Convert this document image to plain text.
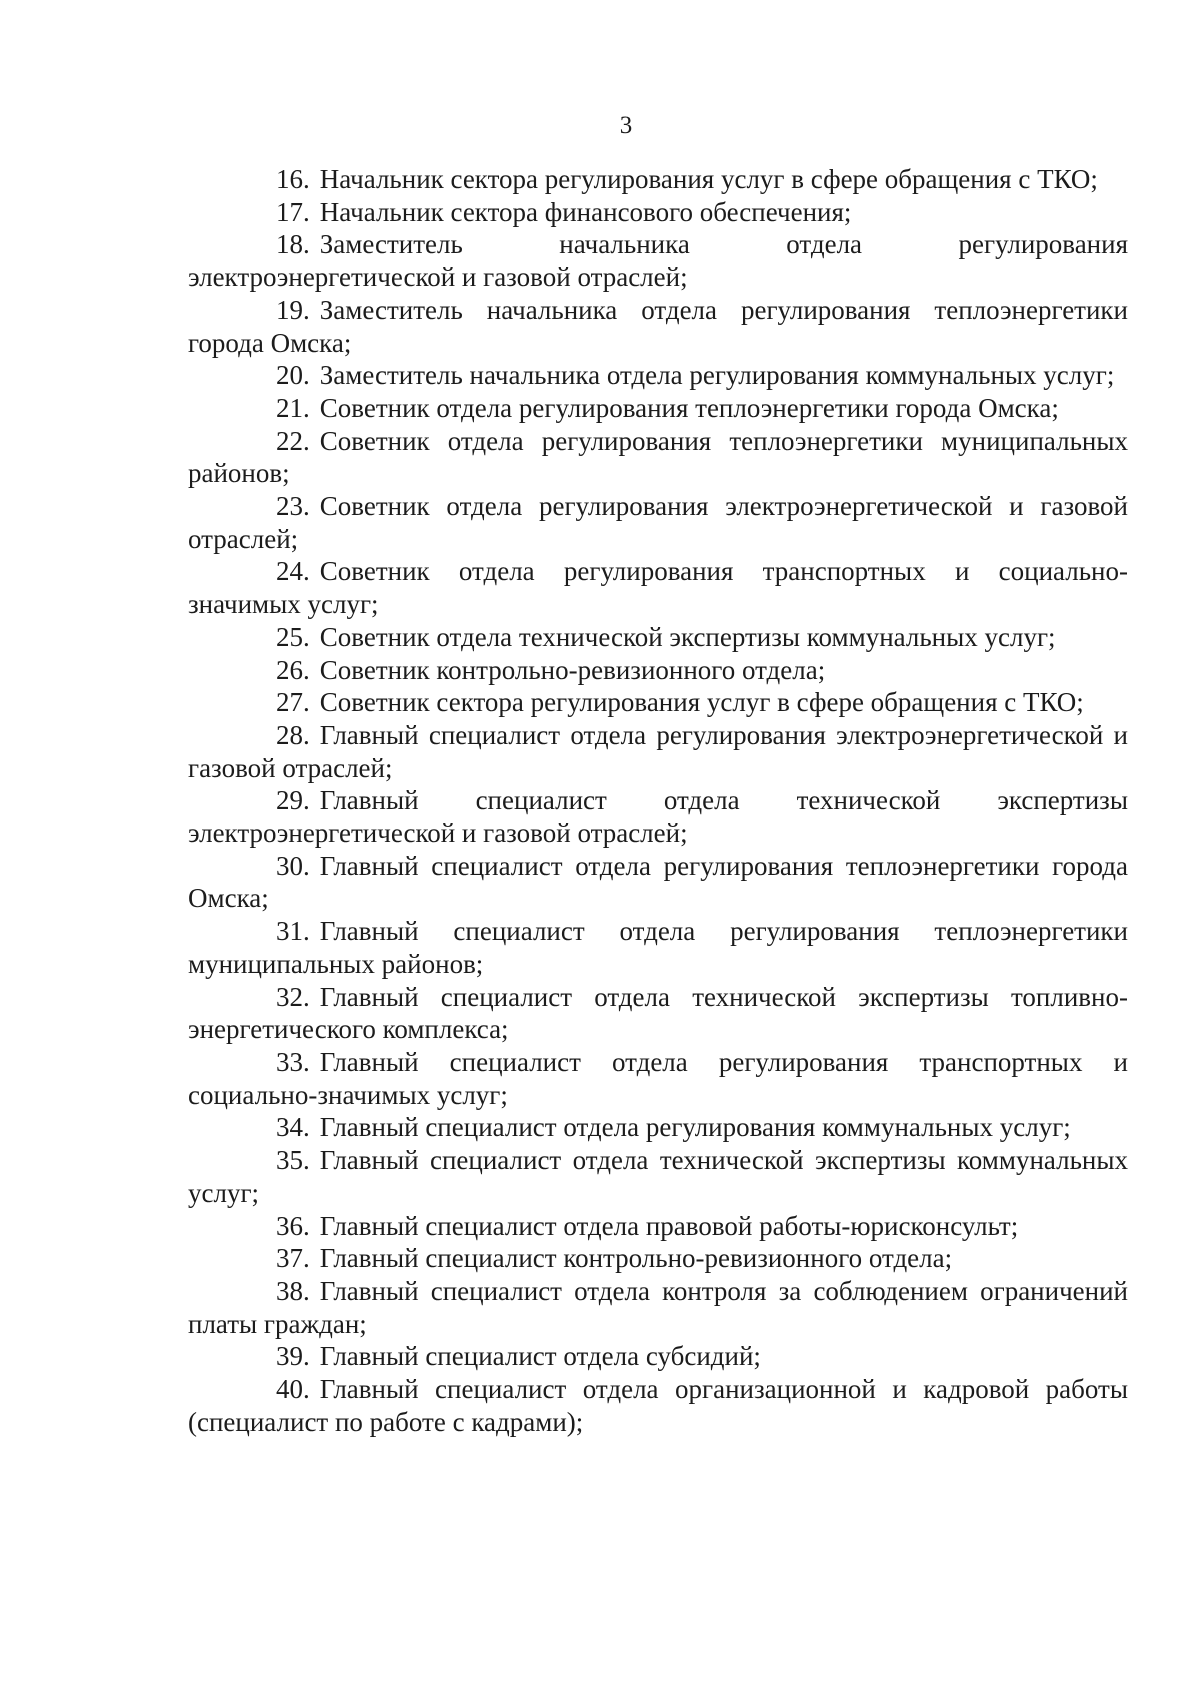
3

16. Начальник сектора регулирования услуг в сфере обращения с ТКО;

17. Начальник сектора финансового обеспечения;

18. Заместитель начальника отдела регулирования электроэнергетической и газовой отраслей;

19. Заместитель начальника отдела регулирования теплоэнергетики города Омска;

20. Заместитель начальника отдела регулирования коммунальных услуг;

21. Советник отдела регулирования теплоэнергетики города Омска;

22. Советник отдела регулирования теплоэнергетики муниципальных районов;

23. Советник отдела регулирования электроэнергетической и газовой отраслей;

24. Советник отдела регулирования транспортных и социально-значимых услуг;

25. Советник отдела технической экспертизы коммунальных услуг;

26. Советник контрольно-ревизионного отдела;

27. Советник сектора регулирования услуг в сфере обращения с ТКО;

28. Главный специалист отдела регулирования электроэнергетической и газовой отраслей;

29. Главный специалист отдела технической экспертизы электроэнергетической и газовой отраслей;

30. Главный специалист отдела регулирования теплоэнергетики города Омска;

31. Главный специалист отдела регулирования теплоэнергетики муниципальных районов;

32. Главный специалист отдела технической экспертизы топливно-энергетического комплекса;

33. Главный специалист отдела регулирования транспортных и социально-значимых услуг;

34. Главный специалист отдела регулирования коммунальных услуг;

35. Главный специалист отдела технической экспертизы коммунальных услуг;

36. Главный специалист отдела правовой работы-юрисконсульт;

37. Главный специалист контрольно-ревизионного отдела;

38. Главный специалист отдела контроля за соблюдением ограничений платы граждан;

39. Главный специалист отдела субсидий;

40. Главный специалист отдела организационной и кадровой работы (специалист по работе с кадрами);
